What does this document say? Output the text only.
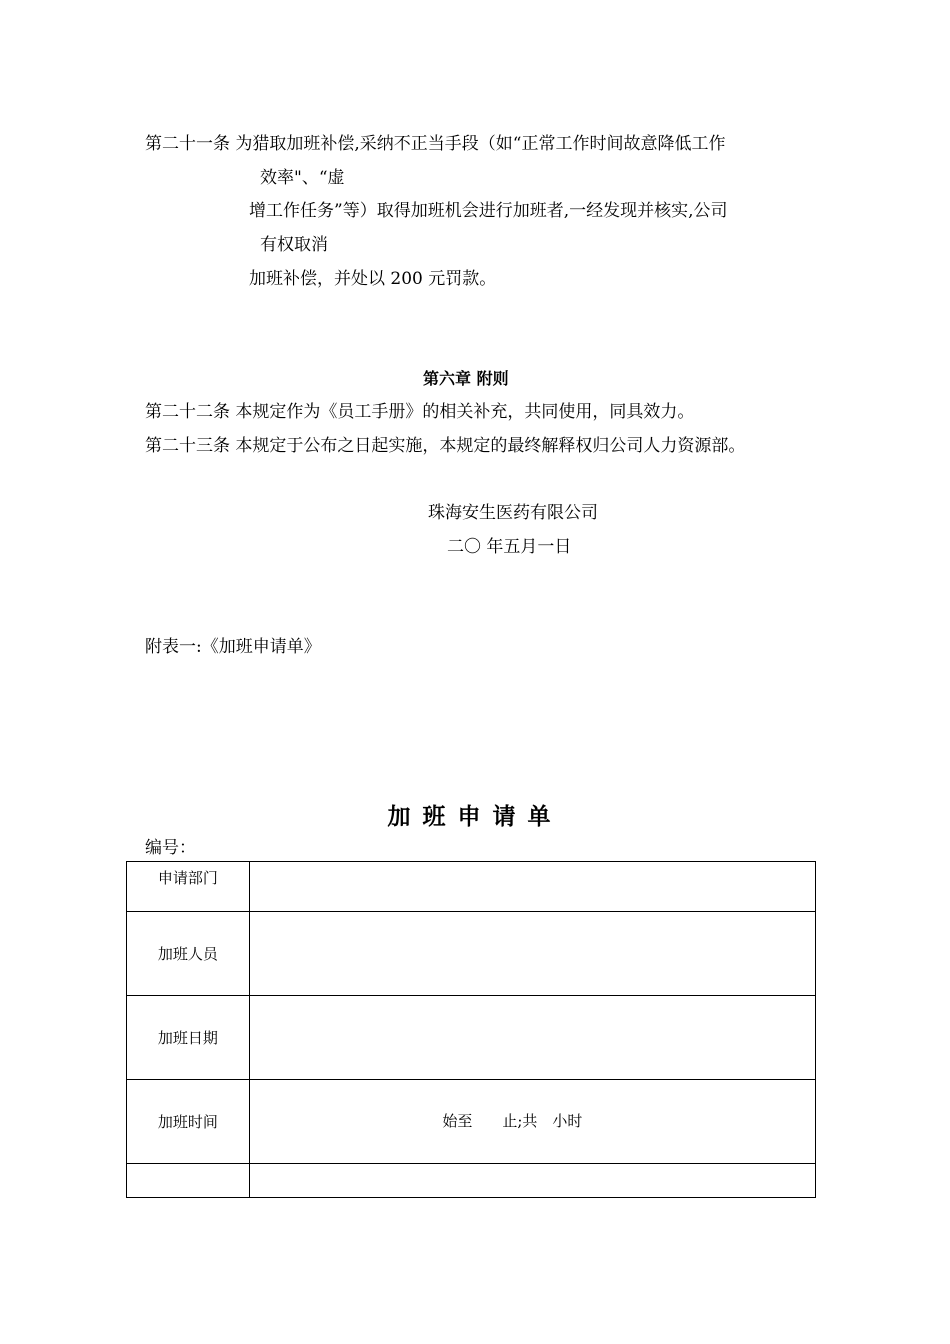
第二十一条 为猎取加班补偿,采纳不正当手段（如“正常工作时间故意降低工作
效率"、“虚
增工作任务”等）取得加班机会进行加班者,一经发现并核实,公司
有权取消
加班补偿，并处以 200 元罚款。
第六章 附则
第二十二条 本规定作为《员工手册》的相关补充，共同使用，同具效力。
第二十三条 本规定于公布之日起实施，本规定的最终解释权归公司人力资源部。
珠海安生医药有限公司
二〇 年五月一日
附表一:《加班申请单》
加班申请单
编号：
申请部门	
加班人员	
加班日期	
加班时间	始至　　止;共　小时
